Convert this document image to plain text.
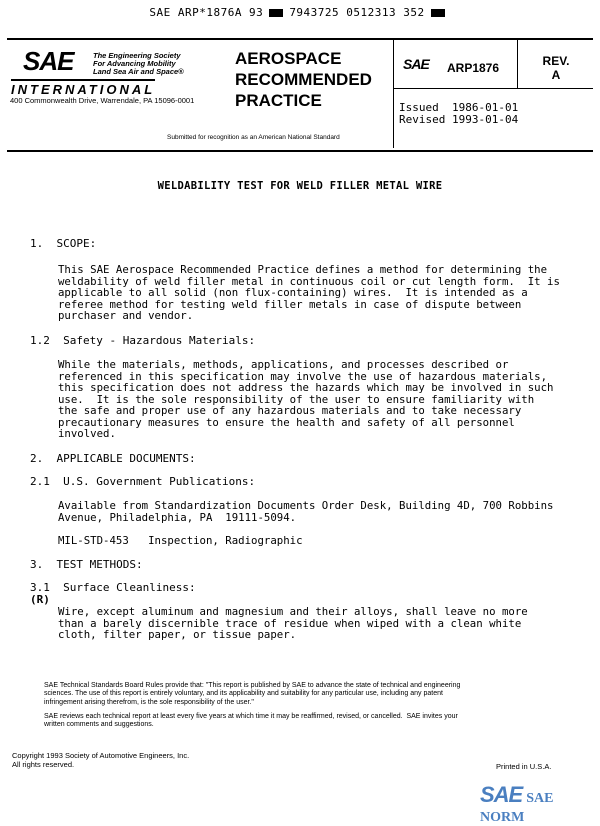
SAE ARP*1876A 93 7943725 0512313 352
SAE	The Engineering Society
For Advancing Mobility
Land Sea Air and Space®
INTERNATIONAL
400 Commonwealth Drive, Warrendale, PA 15096-0001
AEROSPACE
RECOMMENDED
PRACTICE
Submitted for recognition as an American National Standard
SAE ARP1876	REV.
A
Issued  1986-01-01
Revised 1993-01-04
WELDABILITY TEST FOR WELD FILLER METAL WIRE
1.  SCOPE:
This SAE Aerospace Recommended Practice defines a method for determining the
weldability of weld filler metal in continuous coil or cut length form.  It is
applicable to all solid (non flux-containing) wires.  It is intended as a
referee method for testing weld filler metals in case of dispute between
purchaser and vendor.
1.2  Safety - Hazardous Materials:
While the materials, methods, applications, and processes described or
referenced in this specification may involve the use of hazardous materials,
this specification does not address the hazards which may be involved in such
use.  It is the sole responsibility of the user to ensure familiarity with
the safe and proper use of any hazardous materials and to take necessary
precautionary measures to ensure the health and safety of all personnel
involved.
2.  APPLICABLE DOCUMENTS:
2.1  U.S. Government Publications:
Available from Standardization Documents Order Desk, Building 4D, 700 Robbins
Avenue, Philadelphia, PA  19111-5094.
MIL-STD-453   Inspection, Radiographic
3.  TEST METHODS:
3.1  Surface Cleanliness:
(R)
Wire, except aluminum and magnesium and their alloys, shall leave no more
than a barely discernible trace of residue when wiped with a clean white
cloth, filter paper, or tissue paper.
SAE Technical Standards Board Rules provide that: "This report is published by SAE to advance the state of technical and engineering
sciences. The use of this report is entirely voluntary, and its applicability and suitability for any particular use, including any patent
infringement arising therefrom, is the sole responsibility of the user."
SAE reviews each technical report at least every five years at which time it may be reaffirmed, revised, or cancelled.  SAE invites your
written comments and suggestions.
Copyright 1993 Society of Automotive Engineers, Inc.
All rights reserved.	Printed in U.S.A.
SAE SAE NORM
